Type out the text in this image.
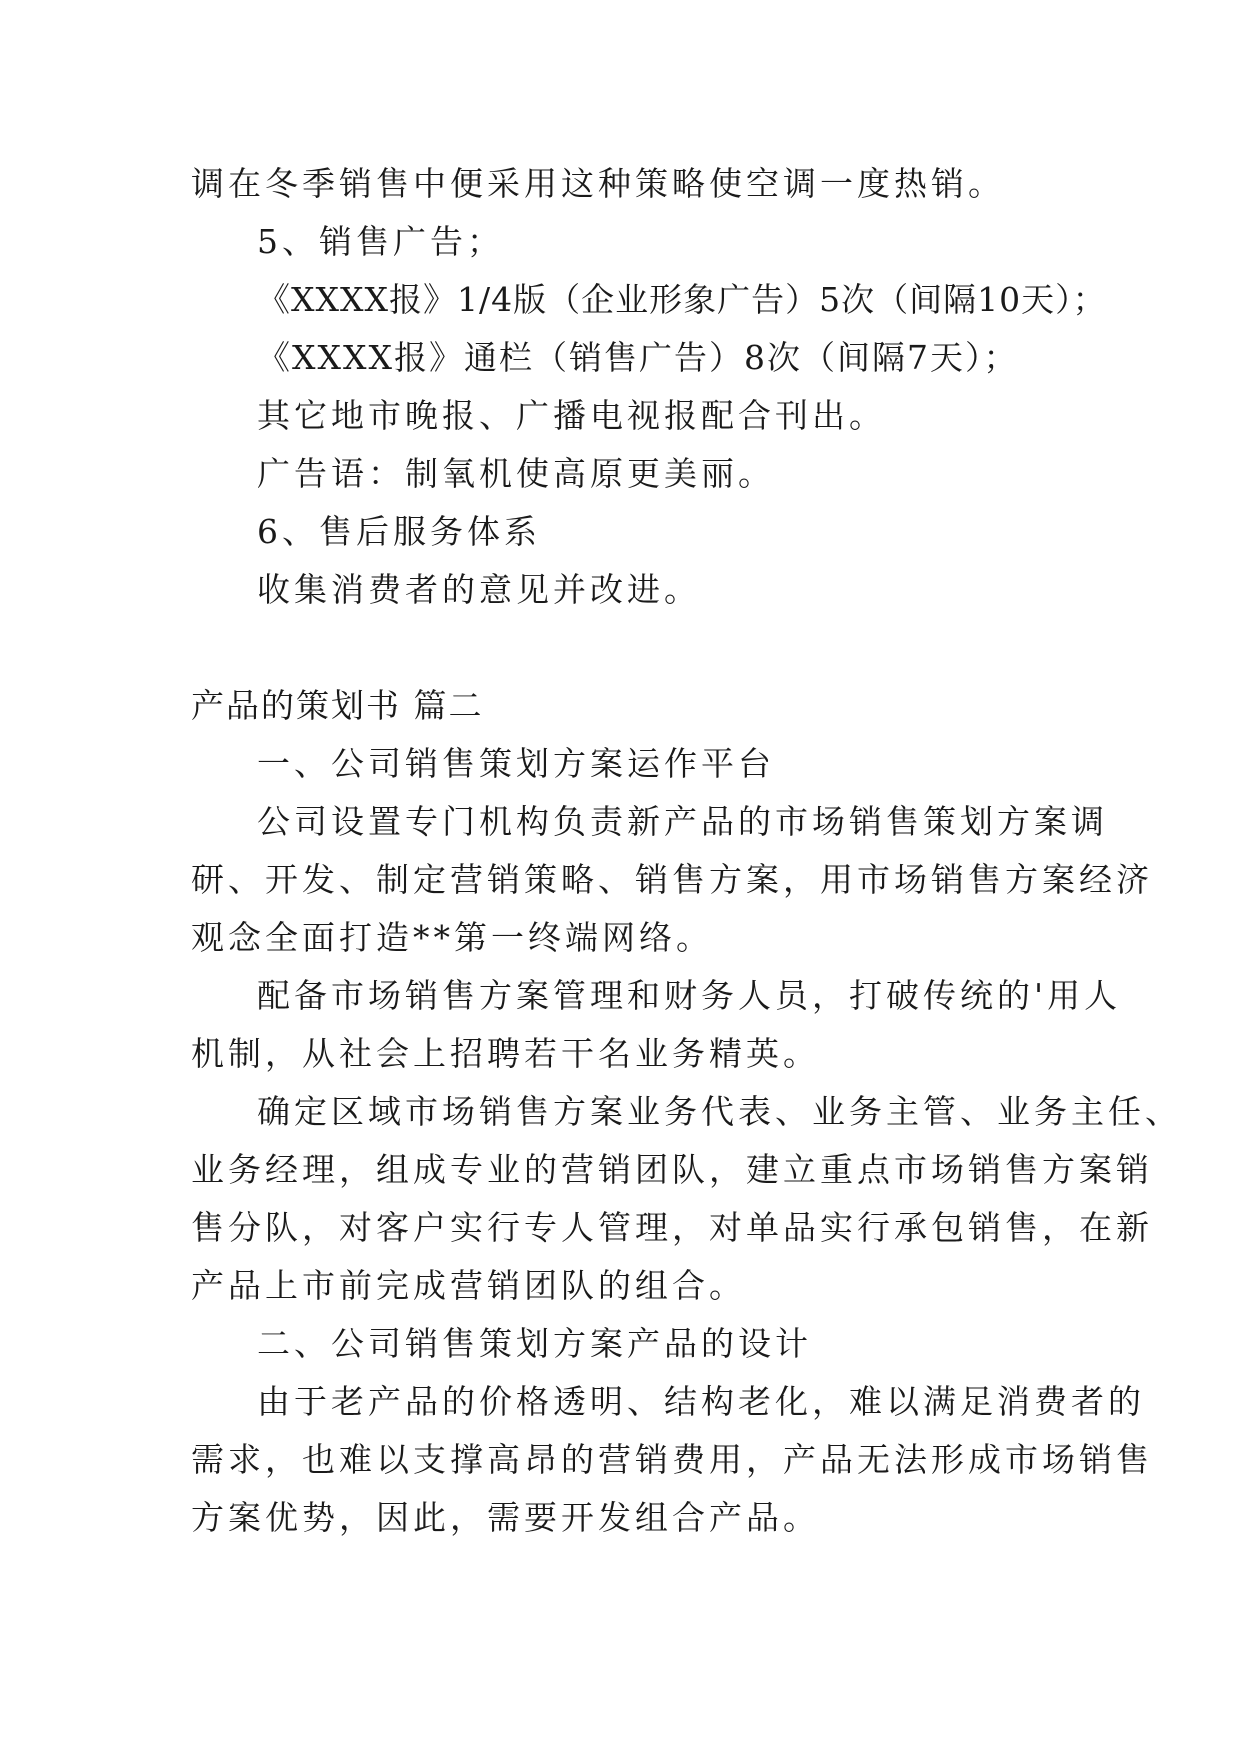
调在冬季销售中便采用这种策略使空调一度热销。
5、销售广告；
《XXXX报》1/4版（企业形象广告）5次（间隔10天）；
《XXXX报》通栏（销售广告）8次（间隔7天）；
其它地市晚报、广播电视报配合刊出。
广告语：制氧机使高原更美丽。
6、售后服务体系
收集消费者的意见并改进。
产品的策划书 篇二
一、公司销售策划方案运作平台
公司设置专门机构负责新产品的市场销售策划方案调
研、开发、制定营销策略、销售方案，用市场销售方案经济
观念全面打造**第一终端网络。
配备市场销售方案管理和财务人员，打破传统的'用人
机制，从社会上招聘若干名业务精英。
确定区域市场销售方案业务代表、业务主管、业务主任、
业务经理，组成专业的营销团队，建立重点市场销售方案销
售分队，对客户实行专人管理，对单品实行承包销售，在新
产品上市前完成营销团队的组合。
二、公司销售策划方案产品的设计
由于老产品的价格透明、结构老化，难以满足消费者的
需求，也难以支撑高昂的营销费用，产品无法形成市场销售
方案优势，因此，需要开发组合产品。
